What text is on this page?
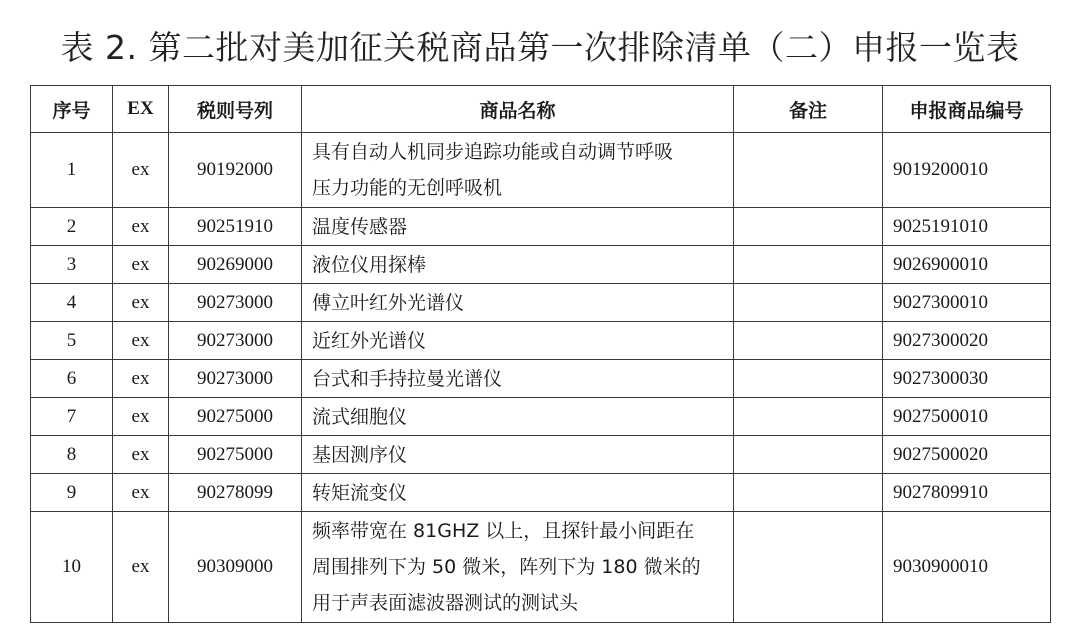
表 2. 第二批对美加征关税商品第一次排除清单（二）申报一览表
序号	EX	税则号列	商品名称	备注	申报商品编号
1	ex	90192000	具有自动人机同步追踪功能或自动调节呼吸
压力功能的无创呼吸机		9019200010
2	ex	90251910	温度传感器		9025191010
3	ex	90269000	液位仪用探棒		9026900010
4	ex	90273000	傅立叶红外光谱仪		9027300010
5	ex	90273000	近红外光谱仪		9027300020
6	ex	90273000	台式和手持拉曼光谱仪		9027300030
7	ex	90275000	流式细胞仪		9027500010
8	ex	90275000	基因测序仪		9027500020
9	ex	90278099	转矩流变仪		9027809910
10	ex	90309000	频率带宽在 81GHZ 以上，且探针最小间距在
周围排列下为 50 微米，阵列下为 180 微米的
用于声表面滤波器测试的测试头		9030900010
